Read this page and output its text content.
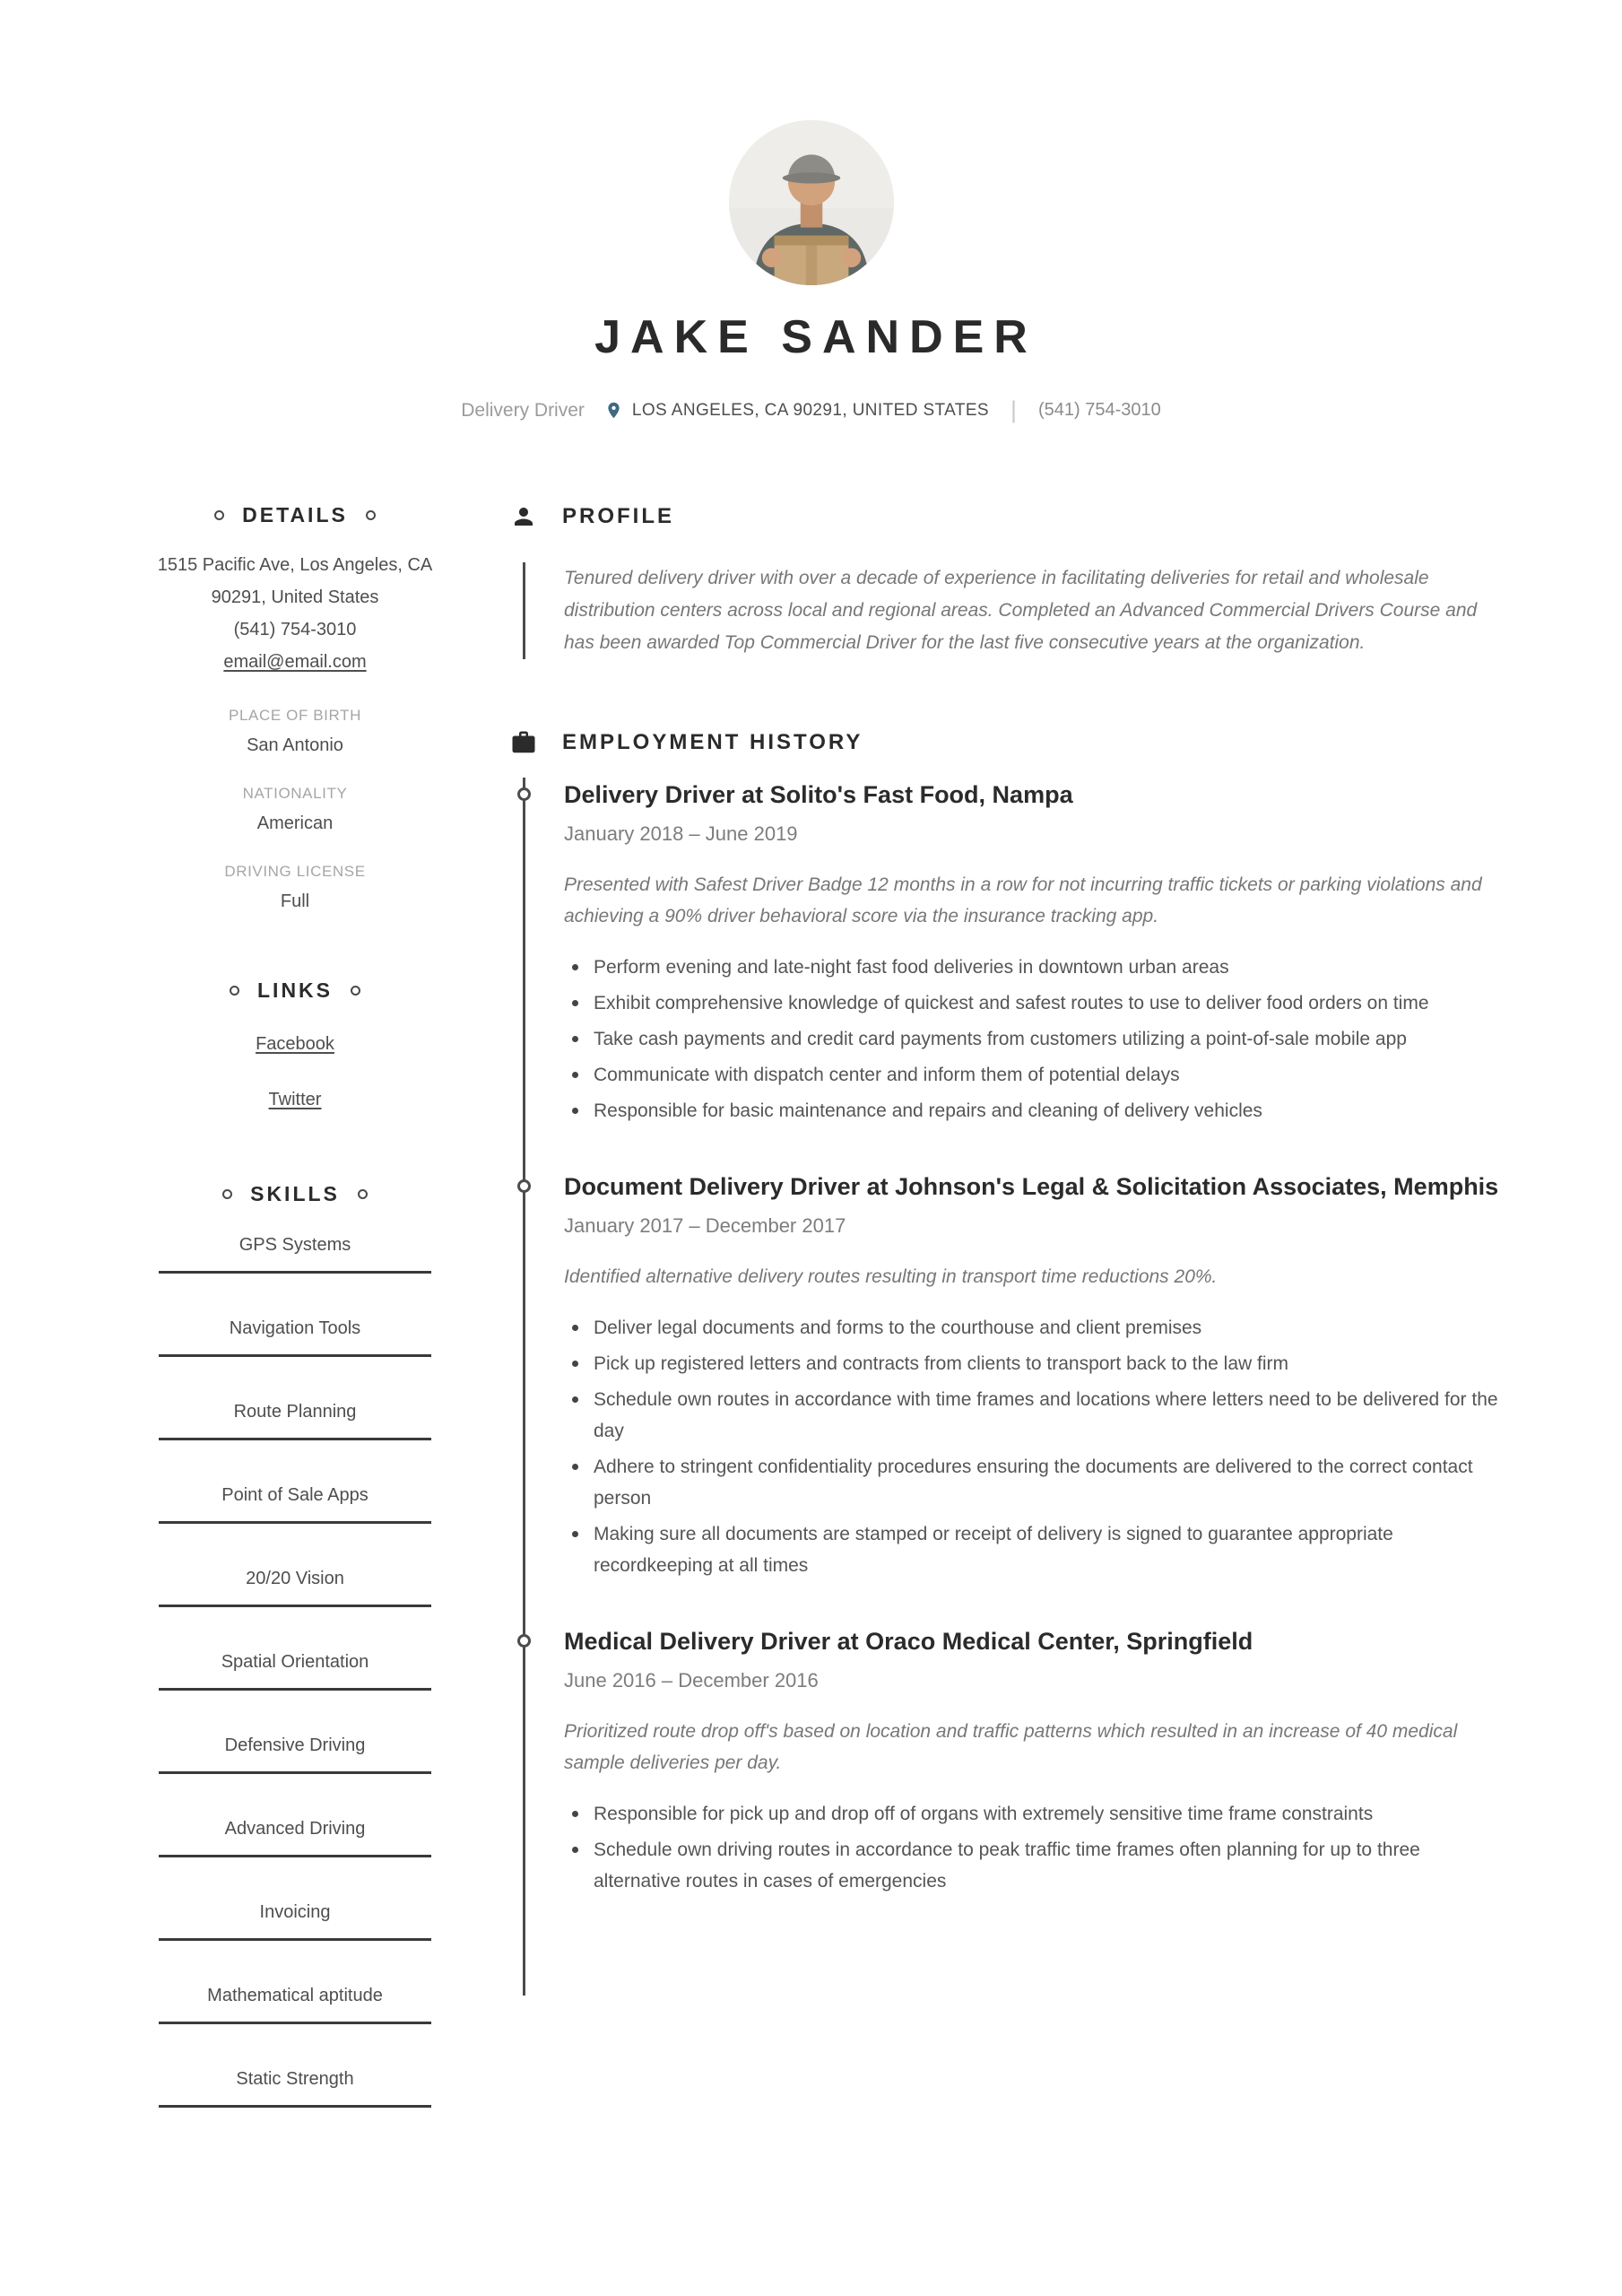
JAKE SANDER
Delivery Driver	LOS ANGELES, CA 90291, UNITED STATES | (541) 754-3010
DETAILS

1515 Pacific Ave, Los Angeles, CA

90291, United States

(541) 754-3010

email@email.com
PLACE OF BIRTH
San Antonio
NATIONALITY
American
DRIVING LICENSE
Full
LINKS
Facebook
Twitter
SKILLS
GPS Systems
Navigation Tools
Route Planning
Point of Sale Apps
20/20 Vision
Spatial Orientation
Defensive Driving
Advanced Driving
Invoicing
Mathematical aptitude
Static Strength
PROFILE

Tenured delivery driver with over a decade of experience in facilitating deliveries for retail and wholesale distribution centers across local and regional areas. Completed an Advanced Commercial Drivers Course and has been awarded Top Commercial Driver for the last five consecutive years at the organization.

EMPLOYMENT HISTORY
Delivery Driver at Solito's Fast Food, Nampa
January 2018 – June 2019

Presented with Safest Driver Badge 12 months in a row for not incurring traffic tickets or parking violations and achieving a 90% driver behavioral score via the insurance tracking app.

Perform evening and late-night fast food deliveries in downtown urban areas
Exhibit comprehensive knowledge of quickest and safest routes to use to deliver food orders on time
Take cash payments and credit card payments from customers utilizing a point-of-sale mobile app
Communicate with dispatch center and inform them of potential delays
Responsible for basic maintenance and repairs and cleaning of delivery vehicles
Document Delivery Driver at Johnson's Legal & Solicitation Associates, Memphis
January 2017 – December 2017

Identified alternative delivery routes resulting in transport time reductions 20%.

Deliver legal documents and forms to the courthouse and client premises
Pick up registered letters and contracts from clients to transport back to the law firm
Schedule own routes in accordance with time frames and locations where letters need to be delivered for the day
Adhere to stringent confidentiality procedures ensuring the documents are delivered to the correct contact person
Making sure all documents are stamped or receipt of delivery is signed to guarantee appropriate recordkeeping at all times
Medical Delivery Driver at Oraco Medical Center, Springfield
June 2016 – December 2016

Prioritized route drop off's based on location and traffic patterns which resulted in an increase of 40 medical sample deliveries per day.

Responsible for pick up and drop off of organs with extremely sensitive time frame constraints
Schedule own driving routes in accordance to peak traffic time frames often planning for up to three alternative routes in cases of emergencies
